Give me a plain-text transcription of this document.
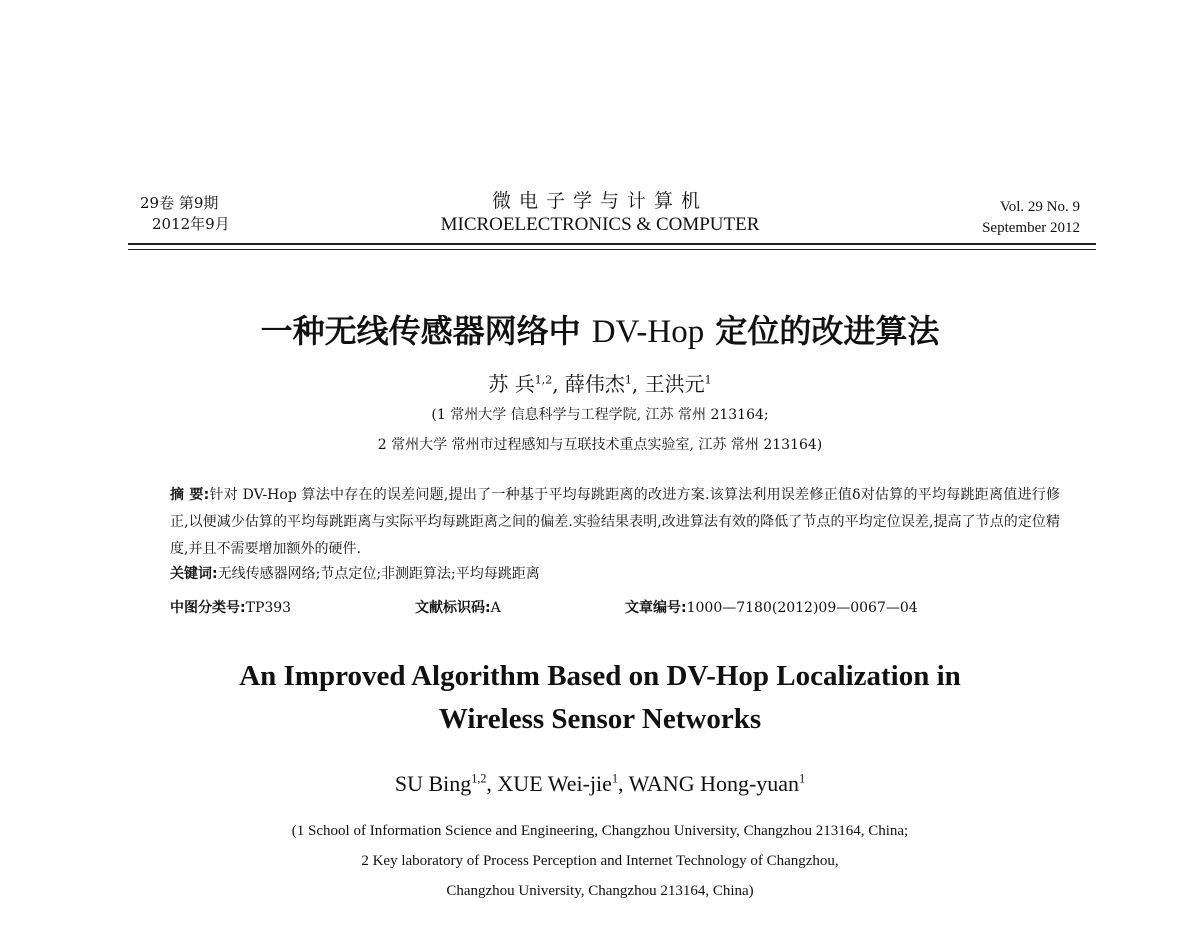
29卷 第9期
2012年9月
微电子学与计算机
MICROELECTRONICS & COMPUTER
Vol. 29 No. 9
September 2012
一种无线传感器网络中 DV-Hop 定位的改进算法
苏 兵$^{1,2}$, 薛伟杰$^1$, 王洪元$^1$
(1 常州大学 信息科学与工程学院, 江苏 常州 213164;
2 常州大学 常州市过程感知与互联技术重点实验室, 江苏 常州 213164)
摘 要:针对 DV-Hop 算法中存在的误差问题,提出了一种基于平均每跳距离的改进方案.该算法利用误差修正值δ对估算的平均每跳距离值进行修正,以便减少估算的平均每跳距离与实际平均每跳距离之间的偏差.实验结果表明,改进算法有效的降低了节点的平均定位误差,提高了节点的定位精度,并且不需要增加额外的硬件.
关键词:无线传感器网络;节点定位;非测距算法;平均每跳距离
中图分类号:TP393	文献标识码:A	文章编号:1000—7180(2012)09—0067—04
An Improved Algorithm Based on DV-Hop Localization in
Wireless Sensor Networks
SU Bing$^{1,2}$, XUE Wei-jie$^1$, WANG Hong-yuan$^1$
(1 School of Information Science and Engineering, Changzhou University, Changzhou 213164, China;
2 Key laboratory of Process Perception and Internet Technology of Changzhou,
Changzhou University, Changzhou 213164, China)
